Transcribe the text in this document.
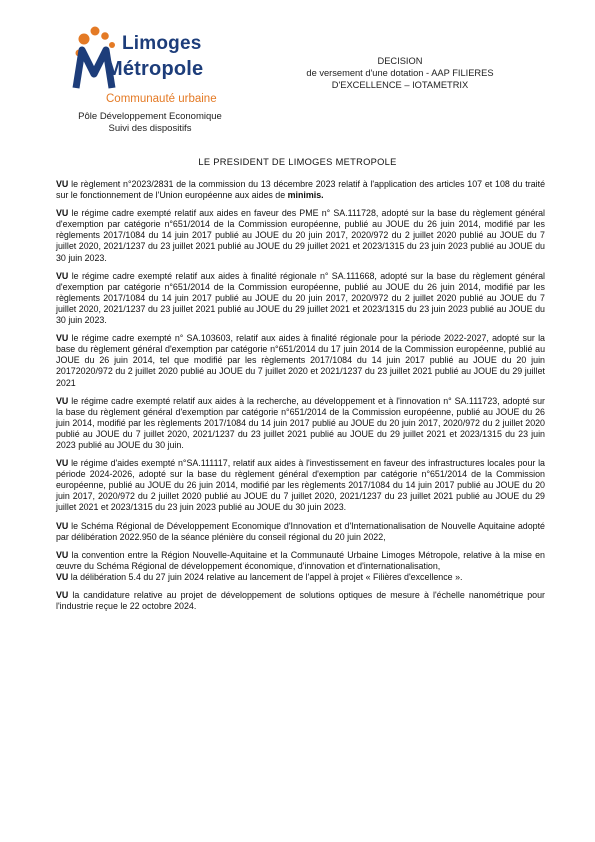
Limoges
Métropole
Communauté urbaine
Pôle Développement Economique
Suivi des dispositifs
DECISION
de versement d'une dotation - AAP FILIERES
D'EXCELLENCE – IOTAMETRIX
LE PRESIDENT DE LIMOGES METROPOLE

VU le règlement n°2023/2831 de la commission du 13 décembre 2023 relatif à l'application des articles 107 et 108 du traité sur le fonctionnement de l'Union européenne aux aides de minimis.

VU le régime cadre exempté relatif aux aides en faveur des PME n° SA.111728, adopté sur la base du règlement général d'exemption par catégorie n°651/2014 de la Commission européenne, publié au JOUE du 26 juin 2014, modifié par les règlements 2017/1084 du 14 juin 2017 publié au JOUE du 20 juin 2017, 2020/972 du 2 juillet 2020 publié au JOUE du 7 juillet 2020, 2021/1237 du 23 juillet 2021 publié au JOUE du 29 juillet 2021 et 2023/1315 du 23 juin 2023 publié au JOUE du 30 juin 2023.

VU le régime cadre exempté relatif aux aides à finalité régionale n° SA.111668, adopté sur la base du règlement général d'exemption par catégorie n°651/2014 de la Commission européenne, publié au JOUE du 26 juin 2014, modifié par les règlements 2017/1084 du 14 juin 2017 publié au JOUE du 20 juin 2017, 2020/972 du 2 juillet 2020 publié au JOUE du 7 juillet 2020, 2021/1237 du 23 juillet 2021 publié au JOUE du 29 juillet 2021 et 2023/1315 du 23 juin 2023 publié au JOUE du 30 juin 2023.

VU le régime cadre exempté n° SA.103603, relatif aux aides à finalité régionale pour la période 2022-2027, adopté sur la base du règlement général d'exemption par catégorie n°651/2014 du 17 juin 2014 de la Commission européenne, publié au JOUE du 26 juin 2014, tel que modifié par les règlements 2017/1084 du 14 juin 2017 publié au JOUE du 20 juin 20172020/972 du 2 juillet 2020 publié au JOUE du 7 juillet 2020 et 2021/1237 du 23 juillet 2021 publié au JOUE du 29 juillet 2021

VU le régime cadre exempté relatif aux aides à la recherche, au développement et à l'innovation n° SA.111723, adopté sur la base du règlement général d'exemption par catégorie n°651/2014 de la Commission européenne, publié au JOUE du 26 juin 2014, modifié par les règlements 2017/1084 du 14 juin 2017 publié au JOUE du 20 juin 2017, 2020/972 du 2 juillet 2020 publié au JOUE du 7 juillet 2020, 2021/1237 du 23 juillet 2021 publié au JOUE du 29 juillet 2021 et 2023/1315 du 23 juin 2023 publié au JOUE du 30 juin.

VU le régime d'aides exempté n°SA.111117, relatif aux aides à l'investissement en faveur des infrastructures locales pour la période 2024-2026, adopté sur la base du règlement général d'exemption par catégorie n°651/2014 de la Commission européenne, publié au JOUE du 26 juin 2014, modifié par les règlements 2017/1084 du 14 juin 2017 publié au JOUE du 20 juin 2017, 2020/972 du 2 juillet 2020 publié au JOUE du 7 juillet 2020, 2021/1237 du 23 juillet 2021 publié au JOUE du 29 juillet 2021 et 2023/1315 du 23 juin 2023 publié au JOUE du 30 juin 2023.

VU le Schéma Régional de Développement Economique d'Innovation et d'Internationalisation de Nouvelle Aquitaine adopté par délibération 2022.950 de la séance plénière du conseil régional du 20 juin 2022,

VU la convention entre la Région Nouvelle-Aquitaine et la Communauté Urbaine Limoges Métropole, relative à la mise en œuvre du Schéma Régional de développement économique, d'innovation et d'internationalisation,

VU la délibération 5.4 du 27 juin 2024 relative au lancement de l'appel à projet « Filières d'excellence ».

VU la candidature relative au projet de développement de solutions optiques de mesure à l'échelle nanométrique pour l'industrie reçue le 22 octobre 2024.
